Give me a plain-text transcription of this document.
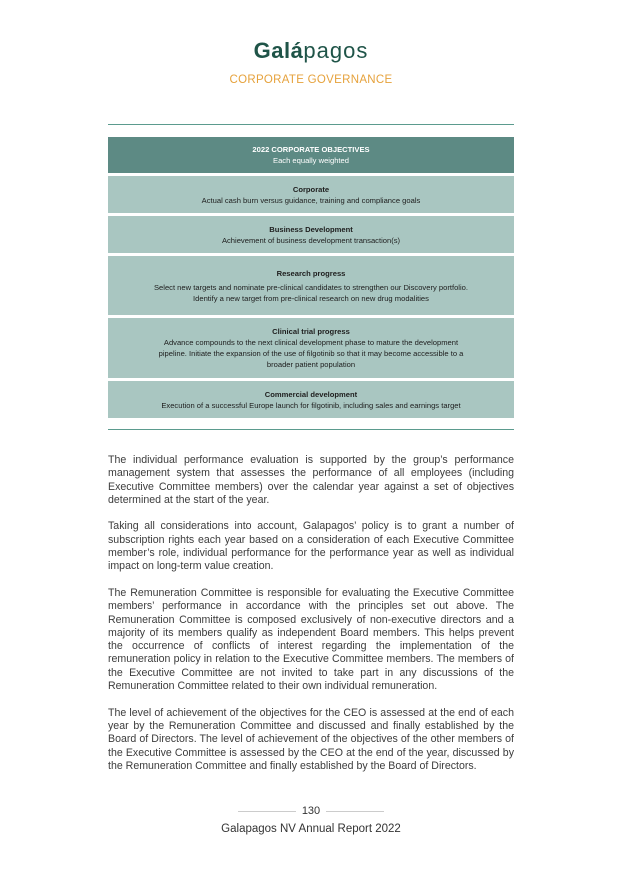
Galápagos
CORPORATE GOVERNANCE
2022 CORPORATE OBJECTIVES
Each equally weighted
Corporate
Actual cash burn versus guidance, training and compliance goals
Business Development
Achievement of business development transaction(s)
Research progress
Select new targets and nominate pre-clinical candidates to strengthen our Discovery portfolio.
Identify a new target from pre-clinical research on new drug modalities
Clinical trial progress
Advance compounds to the next clinical development phase to mature the development
pipeline. Initiate the expansion of the use of filgotinib so that it may become accessible to a
broader patient population
Commercial development
Execution of a successful Europe launch for filgotinib, including sales and earnings target

The individual performance evaluation is supported by the group’s performance management system that assesses the performance of all employees (including Executive Committee members) over the calendar year against a set of objectives determined at the start of the year.

Taking all considerations into account, Galapagos’ policy is to grant a number of subscription rights each year based on a consideration of each Executive Committee member’s role, individual performance for the performance year as well as individual impact on long-term value creation.

The Remuneration Committee is responsible for evaluating the Executive Committee members’ performance in accordance with the principles set out above. The Remuneration Committee is composed exclusively of non-executive directors and a majority of its members qualify as independent Board members. This helps prevent the occurrence of conflicts of interest regarding the implementation of the remuneration policy in relation to the Executive Committee members. The members of the Executive Committee are not invited to take part in any discussions of the Remuneration Committee related to their own individual remuneration.

The level of achievement of the objectives for the CEO is assessed at the end of each year by the Remuneration Committee and discussed and finally established by the Board of Directors. The level of achievement of the objectives of the other members of the Executive Committee is assessed by the CEO at the end of the year, discussed by the Remuneration Committee and finally established by the Board of Directors.

130
Galapagos NV Annual Report 2022
